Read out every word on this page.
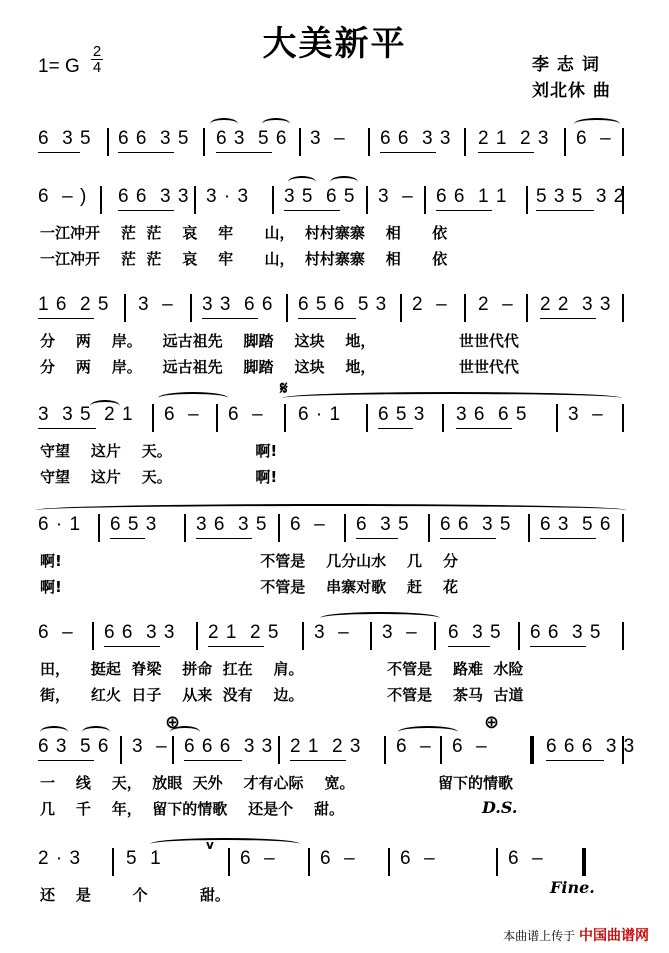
大美新平
1= G
2
4	李 志 词
刘北休 曲
6  3 5 6 6  3 5 6 3  5 6 3  – 6 6  3 3 2 1  2 3 6  –
6  – ) 6 6  3 3 3 · 3 3 5  6 5 3  – 6 6  1 1 5 3 5  3 2
一江冲开    茫  茫    哀    牢      山，  村村寨寨    相      依
一江冲开    茫  茫    哀    牢      山，  村村寨寨    相      依
1 6  2 5 3  – 3 3  6 6 6 5 6  5 3 2  – 2  – 2 2  3 3
分    两    岸。    远古祖先    脚踏    这块    地，                世世代代
分    两    岸。    远古祖先    脚踏    这块    地，                世世代代
3  3 5  2 1 6  – 6  – 6 · 1 6 5 3 3 6  6 5 3  –
守望    这片    天。                啊!
守望    这片    天。                啊!
6 · 1 6 5 3 3 6  3 5 6  – 6  3 5 6 6  3 5 6 3  5 6
啊!                                      不管是    几分山水    几    分
啊!                                      不管是    串寨对歌    赶    花
6  – 6 6  3 3 2 1  2 5 3  – 3  – 6  3 5 6 6  3 5
田，    挺起  脊梁    拼命  扛在    肩。                不管是    路难  水险
街，    红火  日子    从来  没有    边。                不管是    茶马  古道
6 3  5 6 3  – 6 6 6  3 3 2 1  2 3 6  – 6  –	6 6 6  3 3
一    线    天，  放眼  天外    才有心际    宽。                留下的情歌
几    千    年，  留下的情歌    还是个    甜。
2 · 3 5  1	6  – 6  – 6  –	6  –
还    是        个          甜。
𝄋
⊕	⊕
D.S.
Fine.
v
本曲谱上传于 中国曲谱网
